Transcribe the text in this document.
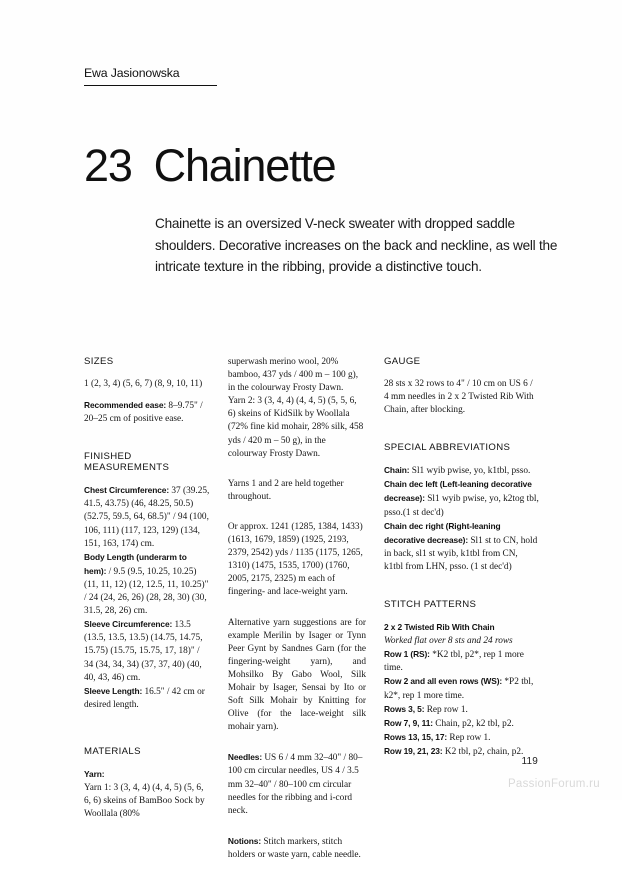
Ewa Jasionowska
23 Chainette
Chainette is an oversized V-neck sweater with dropped saddle shoulders. Decorative increases on the back and neckline, as well the intricate texture in the ribbing, provide a distinctive touch.
SIZES

1 (2, 3, 4) (5, 6, 7) (8, 9, 10, 11)

Recommended ease: 8–9.75" / 20–25 cm of positive ease.

FINISHED MEASUREMENTS

Chest Circumference: 37 (39.25, 41.5, 43.75) (46, 48.25, 50.5) (52.75, 59.5, 64, 68.5)" / 94 (100, 106, 111) (117, 123, 129) (134, 151, 163, 174) cm.

Body Length (underarm to hem): / 9.5 (9.5, 10.25, 10.25) (11, 11, 12) (12, 12.5, 11, 10.25)" / 24 (24, 26, 26) (28, 28, 30) (30, 31.5, 28, 26) cm.

Sleeve Circumference: 13.5 (13.5, 13.5, 13.5) (14.75, 14.75, 15.75) (15.75, 15.75, 17, 18)" / 34 (34, 34, 34) (37, 37, 40) (40, 40, 43, 46) cm.

Sleeve Length: 16.5" / 42 cm or desired length.

MATERIALS

Yarn:

Yarn 1: 3 (3, 4, 4) (4, 4, 5) (5, 6, 6, 6) skeins of BamBoo Sock by Woollala (80%

superwash merino wool, 20% bamboo, 437 yds / 400 m – 100 g), in the colourway Frosty Dawn.

Yarn 2: 3 (3, 4, 4) (4, 4, 5) (5, 5, 6, 6) skeins of KidSilk by Woollala (72% fine kid mohair, 28% silk, 458 yds / 420 m – 50 g), in the colourway Frosty Dawn.

Yarns 1 and 2 are held together throughout.

Or approx. 1241 (1285, 1384, 1433) (1613, 1679, 1859) (1925, 2193, 2379, 2542) yds / 1135 (1175, 1265, 1310) (1475, 1535, 1700) (1760, 2005, 2175, 2325) m each of fingering- and lace-weight yarn.

Alternative yarn suggestions are for example Merilin by Isager or Tynn Peer Gynt by Sandnes Garn (for the fingering-weight yarn), and Mohsilko By Gabo Wool, Silk Mohair by Isager, Sensai by Ito or Soft Silk Mohair by Knitting for Olive (for the lace-weight silk mohair yarn).

Needles: US 6 / 4 mm 32–40" / 80–100 cm circular needles, US 4 / 3.5 mm 32–40" / 80–100 cm circular needles for the ribbing and i-cord neck.

Notions: Stitch markers, stitch holders or waste yarn, cable needle.

GAUGE

28 sts x 32 rows to 4" / 10 cm on US 6 / 4 mm needles in 2 x 2 Twisted Rib With Chain, after blocking.

SPECIAL ABBREVIATIONS

Chain: Sl1 wyib pwise, yo, k1tbl, psso.

Chain dec left (Left-leaning decorative decrease): Sl1 wyib pwise, yo, k2tog tbl, psso.(1 st dec'd)

Chain dec right (Right-leaning decorative decrease): Sl1 st to CN, hold in back, sl1 st wyib, k1tbl from CN, k1tbl from LHN, psso. (1 st dec'd)

STITCH PATTERNS

2 x 2 Twisted Rib With Chain

Worked flat over 8 sts and 24 rows

Row 1 (RS): *K2 tbl, p2*, rep 1 more time.

Row 2 and all even rows (WS): *P2 tbl, k2*, rep 1 more time.

Rows 3, 5: Rep row 1.

Row 7, 9, 11: Chain, p2, k2 tbl, p2.

Rows 13, 15, 17: Rep row 1.

Row 19, 21, 23: K2 tbl, p2, chain, p2.

119
PassionForum.ru
